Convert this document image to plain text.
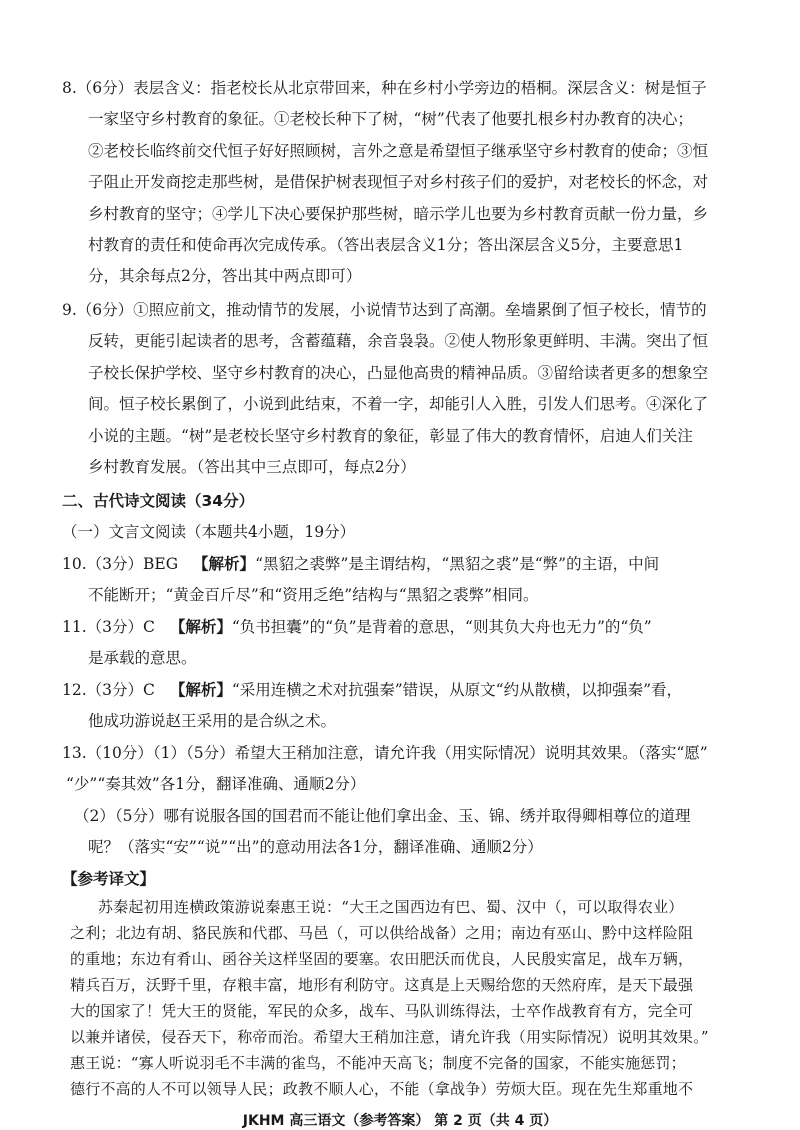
8.（6分）表层含义：指老校长从北京带回来，种在乡村小学旁边的梧桐。深层含义：树是恒子
一家坚守乡村教育的象征。①老校长种下了树，“树”代表了他要扎根乡村办教育的决心；
②老校长临终前交代恒子好好照顾树，言外之意是希望恒子继承坚守乡村教育的使命；③恒
子阻止开发商挖走那些树，是借保护树表现恒子对乡村孩子们的爱护，对老校长的怀念，对
乡村教育的坚守；④学儿下决心要保护那些树，暗示学儿也要为乡村教育贡献一份力量，乡
村教育的责任和使命再次完成传承。（答出表层含义1分；答出深层含义5分，主要意思1
分，其余每点2分，答出其中两点即可）
9.（6分）①照应前文，推动情节的发展，小说情节达到了高潮。垒墙累倒了恒子校长，情节的
反转，更能引起读者的思考，含蓄蕴藉，余音袅袅。②使人物形象更鲜明、丰满。突出了恒
子校长保护学校、坚守乡村教育的决心，凸显他高贵的精神品质。③留给读者更多的想象空
间。恒子校长累倒了，小说到此结束，不着一字，却能引人入胜，引发人们思考。④深化了
小说的主题。“树”是老校长坚守乡村教育的象征，彰显了伟大的教育情怀，启迪人们关注
乡村教育发展。（答出其中三点即可，每点2分）
二、古代诗文阅读（34分）
（一）文言文阅读（本题共4小题，19分）
10.（3分）BEG 【解析】“黑貂之裘弊”是主谓结构，“黑貂之裘”是“弊”的主语，中间
不能断开；“黄金百斤尽”和“资用乏绝”结构与“黑貂之裘弊”相同。
11.（3分）C 【解析】“负书担囊”的“负”是背着的意思，“则其负大舟也无力”的“负”
是承载的意思。
12.（3分）C 【解析】“采用连横之术对抗强秦”错误，从原文“约从散横，以抑强秦”看，
他成功游说赵王采用的是合纵之术。
13.（10分）（1）（5分）希望大王稍加注意，请允许我（用实际情况）说明其效果。（落实“愿”
“少”“奏其效”各1分，翻译准确、通顺2分）
（2）（5分）哪有说服各国的国君而不能让他们拿出金、玉、锦、绣并取得卿相尊位的道理
呢？（落实“安”“说”“出”的意动用法各1分，翻译准确、通顺2分）
【参考译文】
苏秦起初用连横政策游说秦惠王说：“大王之国西边有巴、蜀、汉中（，可以取得农业）
之利；北边有胡、貉民族和代郡、马邑（，可以供给战备）之用；南边有巫山、黔中这样险阻
的重地；东边有肴山、函谷关这样坚固的要塞。农田肥沃而优良，人民殷实富足，战车万辆，
精兵百万，沃野千里，存粮丰富，地形有利防守。这真是上天赐给您的天然府库，是天下最强
大的国家了！凭大王的贤能，军民的众多，战车、马队训练得法，士卒作战教育有方，完全可
以兼并诸侯，侵吞天下，称帝而治。希望大王稍加注意，请允许我（用实际情况）说明其效果。”
惠王说：“寡人听说羽毛不丰满的雀鸟，不能冲天高飞；制度不完备的国家，不能实施惩罚；
德行不高的人不可以领导人民；政教不顺人心，不能（拿战争）劳烦大臣。现在先生郑重地不
JKHM 高三语文（参考答案） 第 2 页（共 4 页）
